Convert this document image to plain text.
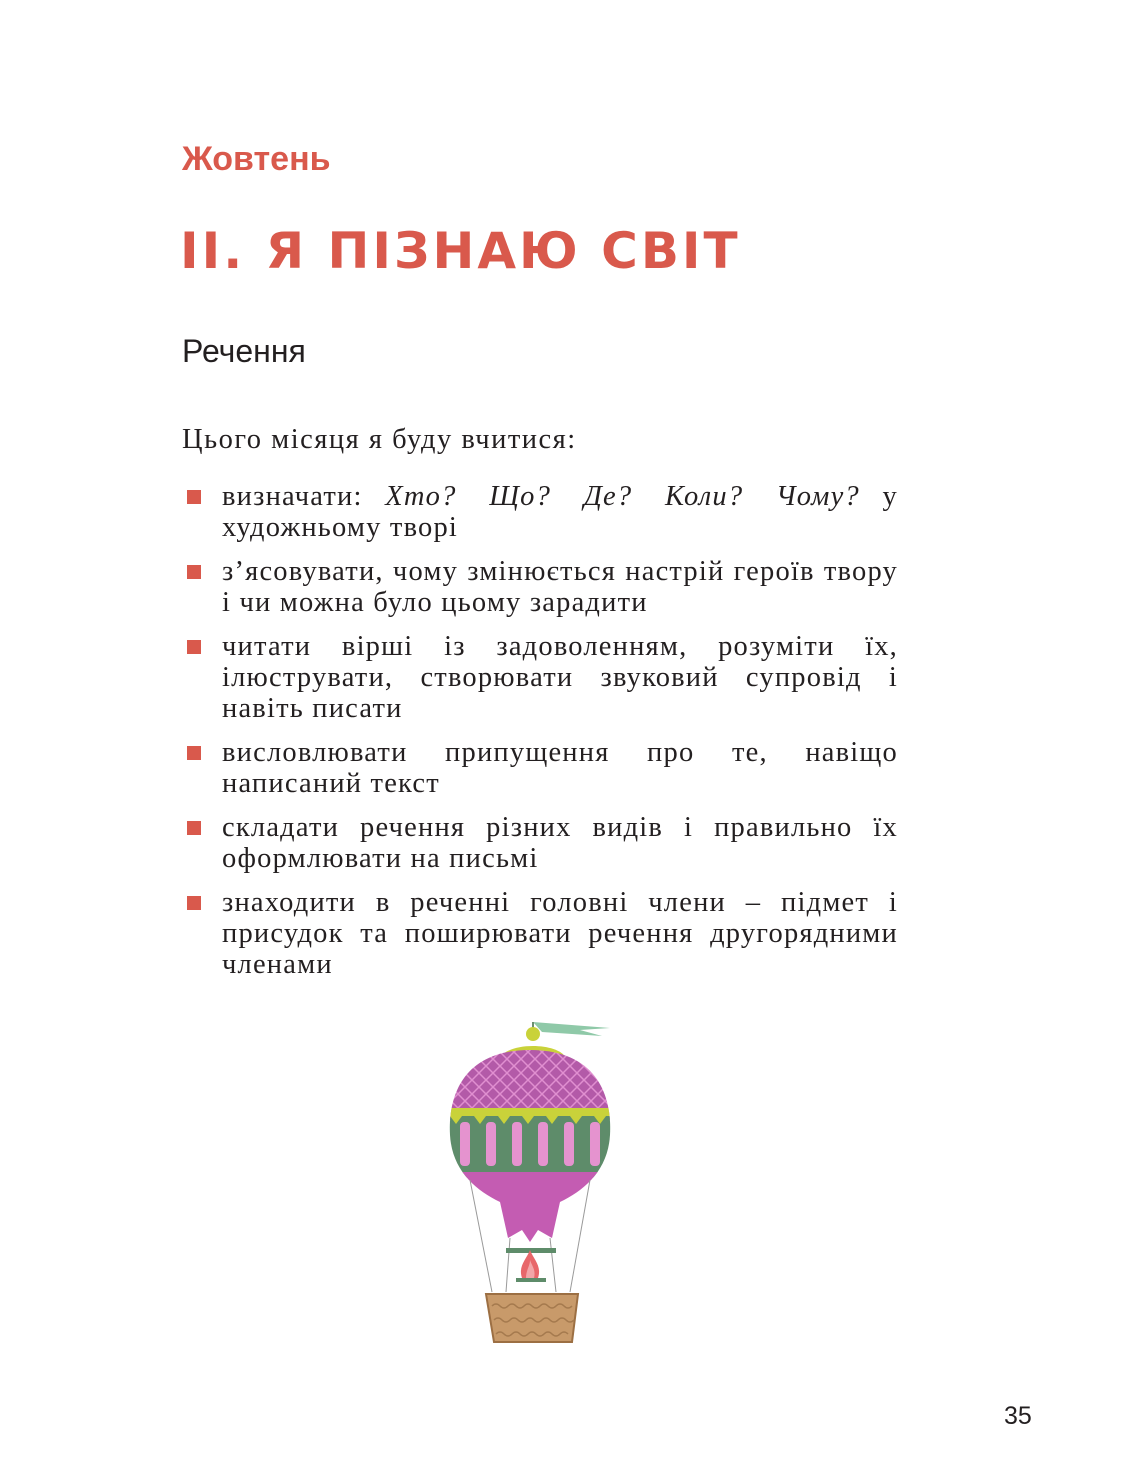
Жовтень
ІІ. Я ПІЗНАЮ СВІТ
Речення

Цього місяця я буду вчитися:

визначати: Хто? Що? Де? Коли? Чому? у художньому творі
з’ясовувати, чому змінюється настрій героїв твору і чи можна було цьому зарадити
читати вірші із задоволенням, розуміти їх, ілюструвати, створювати звуковий супровід і навіть писати
висловлювати припущення про те, навіщо написаний текст
складати речення різних видів і правильно їх оформлювати на письмі
знаходити в реченні головні члени – підмет і присудок та поширювати речення другорядними членами

35
